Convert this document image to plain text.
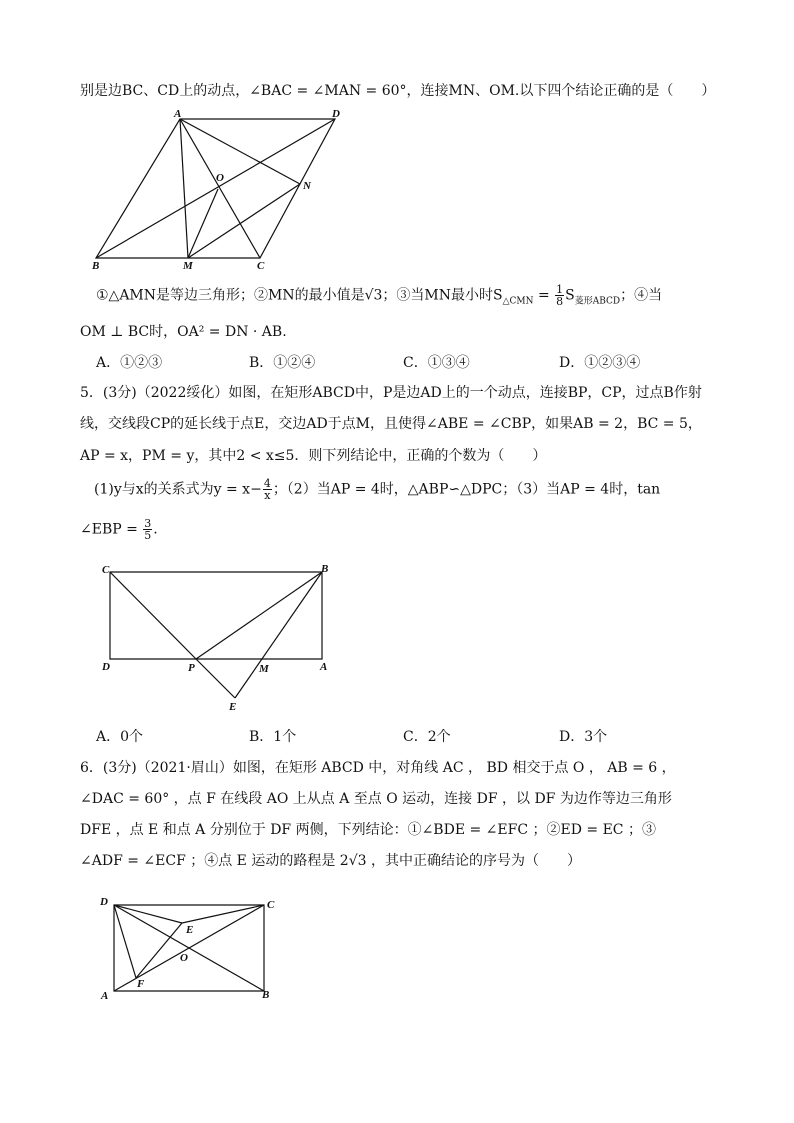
别是边BC、CD上的动点，∠BAC = ∠MAN = 60°，连接MN、OM.以下四个结论正确的是（　　）
A	D
B	M	C
N
O
①△AMN是等边三角形；②MN的最小值是√3；③当MN最小时$S_{\triangle CMN} = \frac{1}{8} S_{菱形ABCD}$；④当
OM ⊥ BC时，OA² = DN · AB.
A．①②③	B．①②④	C．①③④	D．①②③④
5．(3分)（2022绥化）如图，在矩形ABCD中，P是边AD上的一个动点，连接BP，CP，过点B作射
线，交线段CP的延长线于点E，交边AD于点M，且使得∠ABE = ∠CBP，如果AB = 2，BC = 5，
AP = x，PM = y，其中2 < x≤5．则下列结论中，正确的个数为（　　）
(1)y与x的关系式为$y = x- \frac{4}{x}$ ；（2）当AP = 4时，△ABP∽△DPC；（3）当AP = 4时，tan
∠EBP = $\frac{3}{5}$ .
C	B
D	P	M	A
E
A．0个	B．1个	C．2个	D．3个
6．(3分)（2021·眉山）如图，在矩形 ABCD 中，对角线 AC ， BD 相交于点 O ， AB = 6 ，
∠DAC = 60° ，点 F 在线段 AO 上从点 A 至点 O 运动，连接 DF ，以 DF 为边作等边三角形
DFE ，点 E 和点 A 分别位于 DF 两侧，下列结论：①∠BDE = ∠EFC ；②ED = EC ；③
∠ADF = ∠ECF ；④点 E 运动的路程是 2√3 ，其中正确结论的序号为（　　）
D	C
E
O
A
F
B
